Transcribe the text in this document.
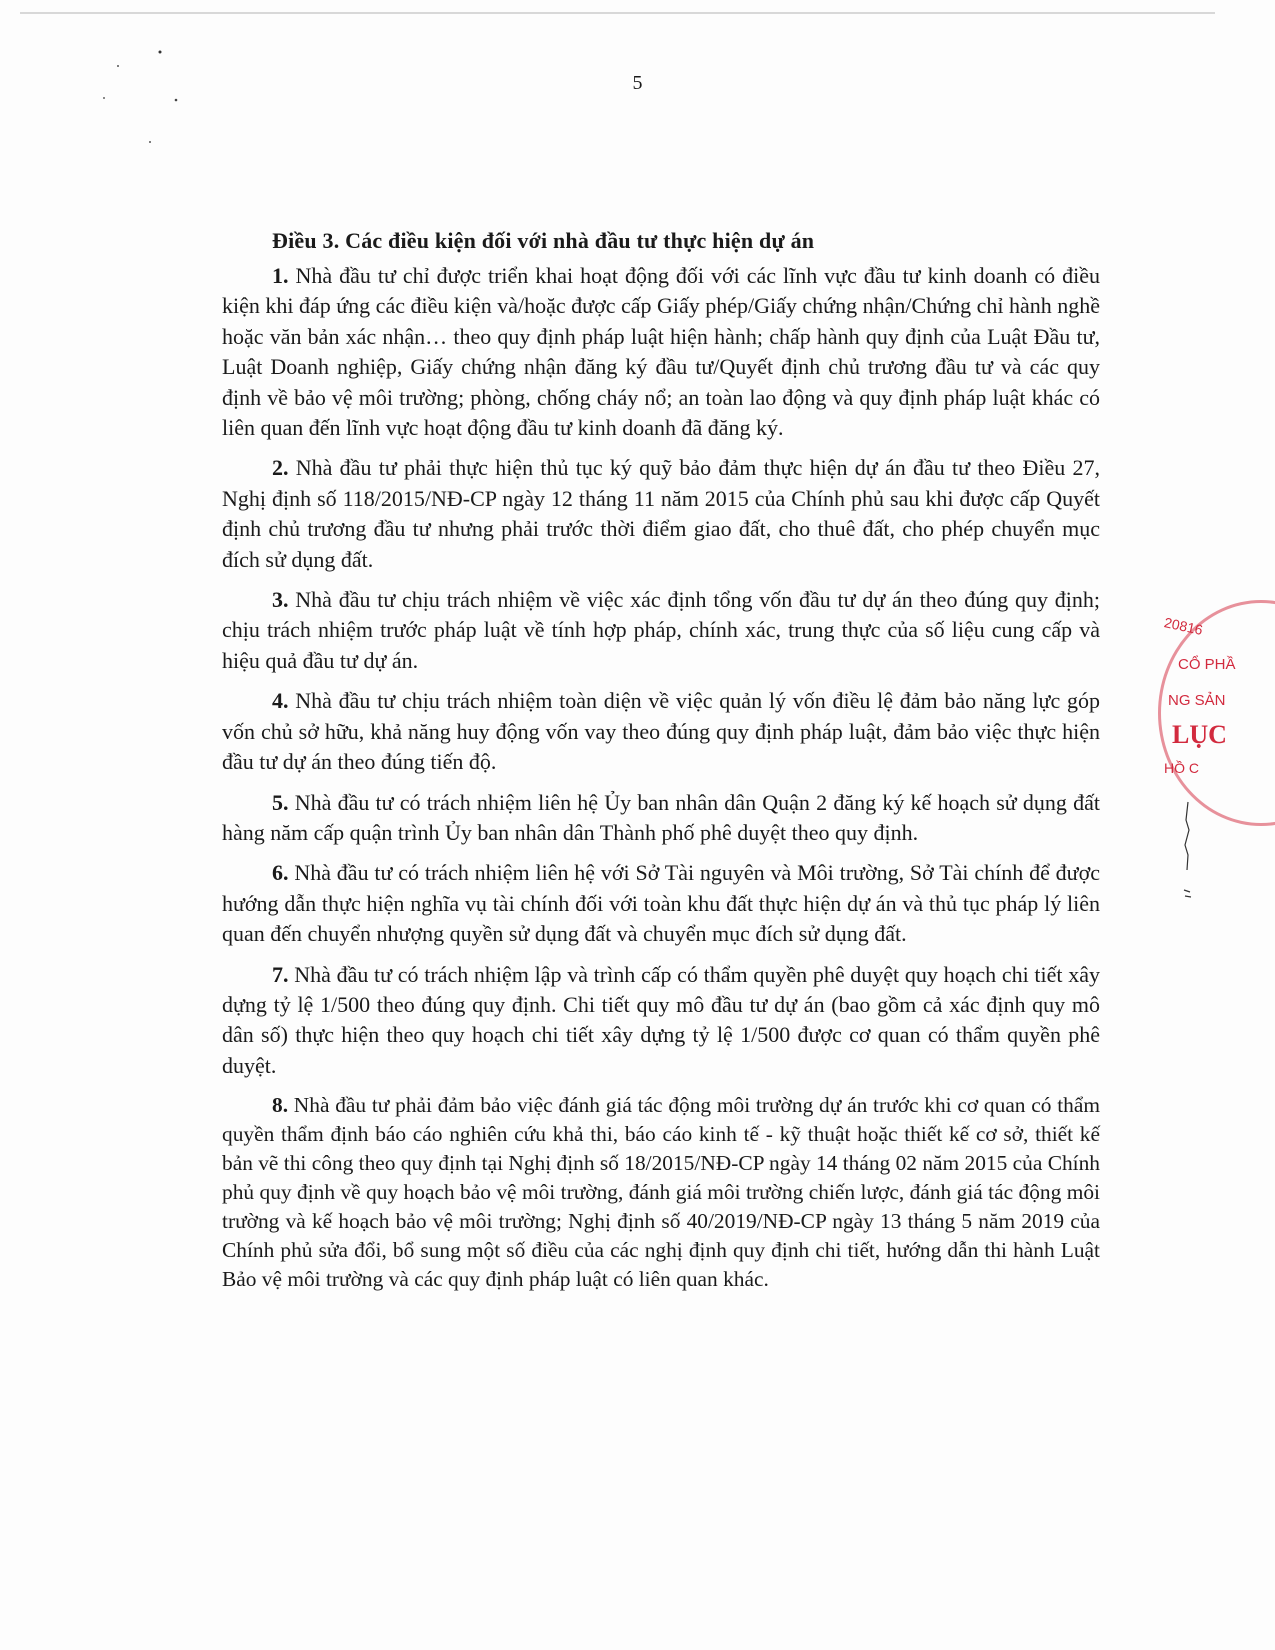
5
Điều 3. Các điều kiện đối với nhà đầu tư thực hiện dự án

1. Nhà đầu tư chỉ được triển khai hoạt động đối với các lĩnh vực đầu tư kinh doanh có điều kiện khi đáp ứng các điều kiện và/hoặc được cấp Giấy phép/Giấy chứng nhận/Chứng chỉ hành nghề hoặc văn bản xác nhận… theo quy định pháp luật hiện hành; chấp hành quy định của Luật Đầu tư, Luật Doanh nghiệp, Giấy chứng nhận đăng ký đầu tư/Quyết định chủ trương đầu tư và các quy định về bảo vệ môi trường; phòng, chống cháy nổ; an toàn lao động và quy định pháp luật khác có liên quan đến lĩnh vực hoạt động đầu tư kinh doanh đã đăng ký.

2. Nhà đầu tư phải thực hiện thủ tục ký quỹ bảo đảm thực hiện dự án đầu tư theo Điều 27, Nghị định số 118/2015/NĐ-CP ngày 12 tháng 11 năm 2015 của Chính phủ sau khi được cấp Quyết định chủ trương đầu tư nhưng phải trước thời điểm giao đất, cho thuê đất, cho phép chuyển mục đích sử dụng đất.

3. Nhà đầu tư chịu trách nhiệm về việc xác định tổng vốn đầu tư dự án theo đúng quy định; chịu trách nhiệm trước pháp luật về tính hợp pháp, chính xác, trung thực của số liệu cung cấp và hiệu quả đầu tư dự án.

4. Nhà đầu tư chịu trách nhiệm toàn diện về việc quản lý vốn điều lệ đảm bảo năng lực góp vốn chủ sở hữu, khả năng huy động vốn vay theo đúng quy định pháp luật, đảm bảo việc thực hiện đầu tư dự án theo đúng tiến độ.

5. Nhà đầu tư có trách nhiệm liên hệ Ủy ban nhân dân Quận 2 đăng ký kế hoạch sử dụng đất hàng năm cấp quận trình Ủy ban nhân dân Thành phố phê duyệt theo quy định.

6. Nhà đầu tư có trách nhiệm liên hệ với Sở Tài nguyên và Môi trường, Sở Tài chính để được hướng dẫn thực hiện nghĩa vụ tài chính đối với toàn khu đất thực hiện dự án và thủ tục pháp lý liên quan đến chuyển nhượng quyền sử dụng đất và chuyển mục đích sử dụng đất.

7. Nhà đầu tư có trách nhiệm lập và trình cấp có thẩm quyền phê duyệt quy hoạch chi tiết xây dựng tỷ lệ 1/500 theo đúng quy định. Chi tiết quy mô đầu tư dự án (bao gồm cả xác định quy mô dân số) thực hiện theo quy hoạch chi tiết xây dựng tỷ lệ 1/500 được cơ quan có thẩm quyền phê duyệt.

8. Nhà đầu tư phải đảm bảo việc đánh giá tác động môi trường dự án trước khi cơ quan có thẩm quyền thẩm định báo cáo nghiên cứu khả thi, báo cáo kinh tế - kỹ thuật hoặc thiết kế cơ sở, thiết kế bản vẽ thi công theo quy định tại Nghị định số 18/2015/NĐ-CP ngày 14 tháng 02 năm 2015 của Chính phủ quy định về quy hoạch bảo vệ môi trường, đánh giá môi trường chiến lược, đánh giá tác động môi trường và kế hoạch bảo vệ môi trường; Nghị định số 40/2019/NĐ-CP ngày 13 tháng 5 năm 2019 của Chính phủ sửa đổi, bổ sung một số điều của các nghị định quy định chi tiết, hướng dẫn thi hành Luật Bảo vệ môi trường và các quy định pháp luật có liên quan khác.

20816
CỔ PHẦ
NG SẢN
LỤC
HỒ C
